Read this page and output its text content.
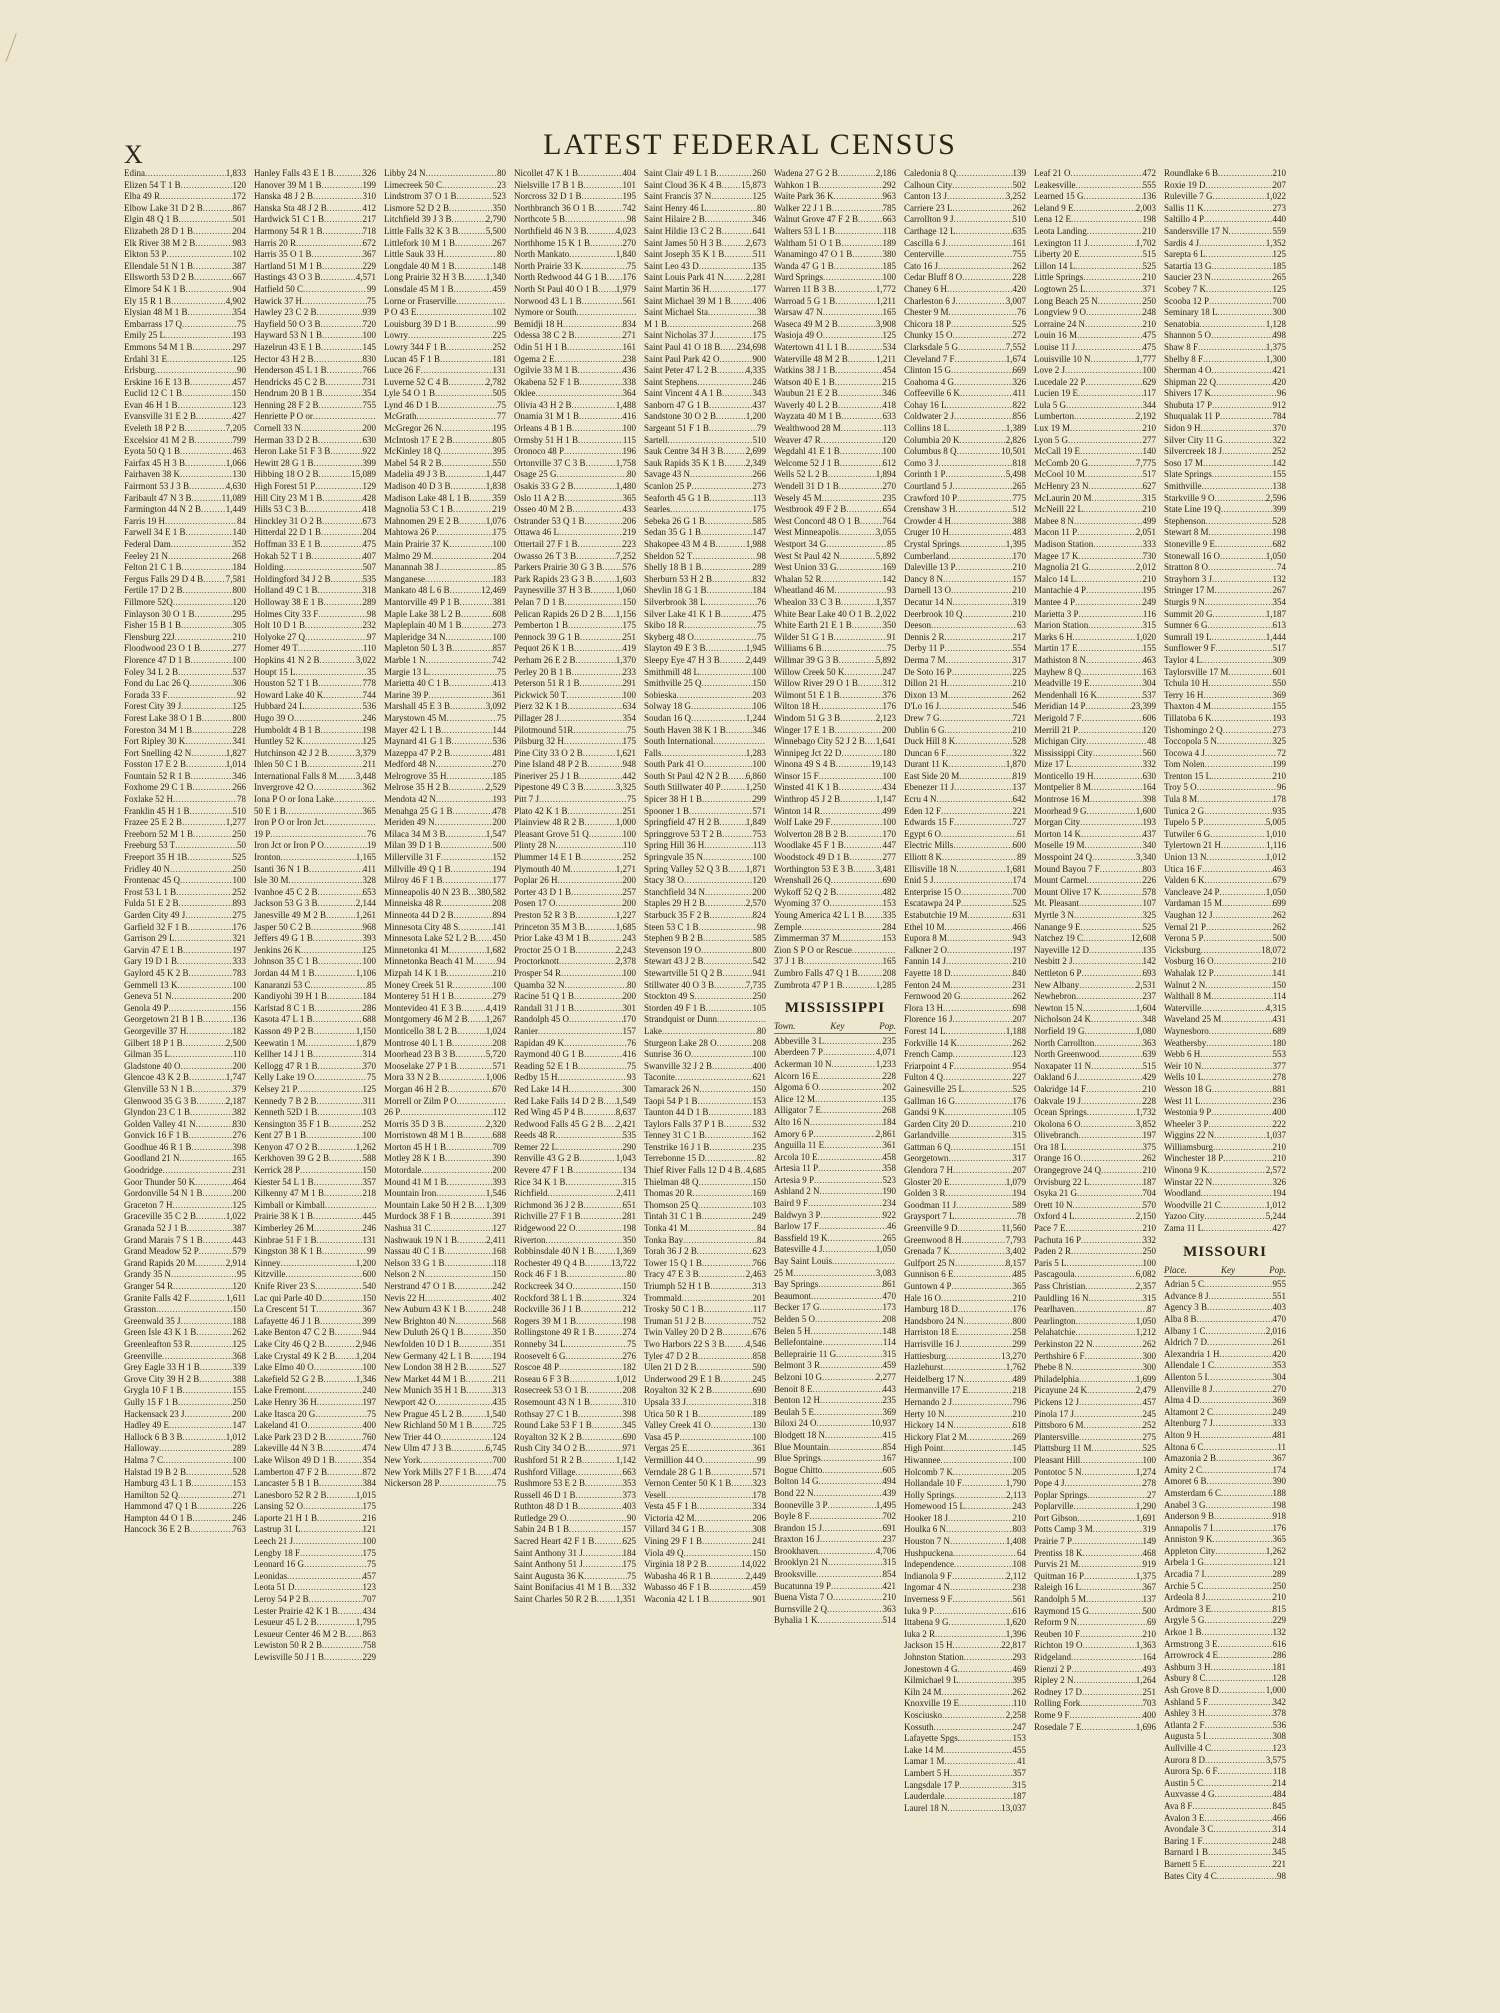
X	LATEST FEDERAL CENSUS
Edina
.....	1,833
Elizen 54 T 1 B
.....	120
Elba 49 R
.....	172
Elbow Lake 31 D 2 B
.....	867
Elgin 48 Q 1 B
.....	501
Elizabeth 28 D 1 B
.....	204
Elk River 38 M 2 B
.....	983
Elkton 53 P
.....	102
Ellendale 51 N 1 B
.....	387
Ellsworth 53 D 2 B
.....	667
Elmore 54 K 1 B
.....	904
Ely 15 R 1 B
.....	4,902
Elysian 48 M 1 B
.....	354
Embarrass 17 Q
.....	75
Emily 25 L
.....	193
Emmons 54 M 1 B
.....	297
Erdahl 31 E
.....	125
Erlsburg
.....	90
Erskine 16 E 13 B
.....	457
Euclid 12 C 1 B
.....	150
Evan 46 H 1 B
.....	123
Evansville 31 E 2 B
.....	427
Eveleth 18 P 2 B
.....	7,205
Excelsior 41 M 2 B
.....	799
Eyota 50 Q 1 B
.....	463
Fairfax 45 H 3 B
.....	1,066
Fairhaven 38 K
.....	130
Fairmont 53 J 3 B
.....	4,630
Faribault 47 N 3 B
.....	11,089
Farmington 44 N 2 B
.....	1,449
Farris 19 H
.....	84
Farwell 34 E 1 B
.....	140
Federal Dam
.....	352
Feeley 21 N
.....	268
Felton 21 C 1 B
.....	184
Fergus Falls 29 D 4 B
.....	7,581
Fertile 17 D 2 B
.....	800
Fillmore 52Q
.....	120
Finlayson 30 O 1 B
.....	295
Fisher 15 B 1 B
.....	305
Flensburg 22J
.....	210
Floodwood 23 O 1 B
.....	277
Florence 47 D 1 B
.....	100
Foley 34 L 2 B
.....	537
Fond du Lac 26 Q
.....	306
Forada 33 F
.....	92
Forest City 39 J
.....	125
Forest Lake 38 O 1 B
.....	800
Foreston 34 M 1 B
.....	228
Fort Ripley 30 K
.....	341
Fort Snelling 42 N
.....	1,827
Fosston 17 E 2 B
.....	1,014
Fountain 52 R 1 B
.....	346
Foxhome 29 C 1 B
.....	266
Foxlake 52 H
.....	78
Franklin 45 H 1 B
.....	510
Frazee 25 E 2 B
.....	1,277
Freeborn 52 M 1 B
.....	250
Freeburg 53 T
.....	50
Freeport 35 H 1B
.....	525
Fridley 40 N
.....	250
Frontenac 45 Q
.....	100
Frost 53 L 1 B
.....	252
Fulda 51 E 2 B
.....	893
Garden City 49 J
.....	275
Garfield 32 F 1 B
.....	176
Garrison 29 L
.....	321
Garvin 47 E 1 B
.....	197
Gary 19 D 1 B
.....	333
Gaylord 45 K 2 B
.....	783
Gemmell 13 K
.....	100
Geneva 51 N
.....	200
Genola 49 P
.....	156
Georgetown 21 B 1 B
.....	136
Georgeville 37 H
.....	182
Gilbert 18 P 1 B
.....	2,500
Gilman 35 L
.....	110
Gladstone 40 O
.....	200
Glencoe 43 K 2 B
.....	1,747
Glenville 53 N 1 B
.....	379
Glenwood 35 G 3 B
.....	2,187
Glyndon 23 C 1 B
.....	382
Golden Valley 41 N
.....	830
Gonvick 16 F 1 B
.....	276
Goodhue 46 R 1 B
.....	398
Goodland 21 N
.....	165
Goodridge
.....	231
Goor Thunder 50 K
.....	464
Gordonville 54 N 1 B
.....	200
Graceton 7 H
.....	125
Graceville 35 C 2 B
.....	1,022
Granada 52 J 1 B
.....	387
Grand Marais 7 S 1 B
.....	443
Grand Meadow 52 P
.....	579
Grand Rapids 20 M
.....	2,914
Grandy 35 N
.....	95
Granger 54 R
.....	120
Granite Falls 42 F
.....	1,611
Grasston
.....	150
Greenwald 35 J
.....	188
Green Isle 43 K 1 B
.....	262
Greenleafton 53 R
.....	125
Greenville
.....	368
Grey Eagle 33 H 1 B
.....	339
Grove City 39 H 2 B
.....	388
Grygla 10 F 1 B
.....	155
Gully 15 F 1 B
.....	250
Hackensack 23 J
.....	200
Hadley 49 E
.....	147
Hallock 6 B 3 B
.....	1,012
Halloway
.....	289
Halma 7 C
.....	100
Halstad 19 B 2 B
.....	528
Hamburg 43 L 1 B
.....	153
Hamilton 52 Q
.....	271
Hammond 47 Q 1 B
.....	226
Hampton 44 O 1 B
.....	246
Hancock 36 E 2 B
.....	763
Hanley Falls 43 E 1 B
.....	326
Hanover 39 M 1 B
.....	199
Hanska 48 J 2 B
.....	310
Hanska Sta 48 J 2 B
.....	412
Hardwick 51 C 1 B
.....	217
Harmony 54 R 1 B
.....	718
Harris 20 R
.....	672
Harris 35 O 1 B
.....	367
Hartland 51 M 1 B
.....	229
Hastings 43 O 3 B
.....	4,571
Hatfield 50 C
.....	99
Hawick 37 H
.....	75
Hawley 23 C 2 B
.....	939
Hayfield 50 O 3 B
.....	720
Hayward 53 N 1 B
.....	100
Hazelrun 43 E 1 B
.....	145
Hector 43 H 2 B
.....	830
Henderson 45 L 1 B
.....	766
Hendricks 45 C 2 B
.....	731
Hendrum 20 B 1 B
.....	354
Henning 28 F 2 B
.....	755
Henriette P O or
.....
Cornell 33 N
.....	200
Herman 33 D 2 B
.....	630
Heron Lake 51 F 3 B
.....	922
Hewitt 28 G 1 B
.....	399
Hibbing 18 O 2 B
.....	15,089
High Forest 51 P
.....	129
Hill City 23 M 1 B
.....	428
Hills 53 C 3 B
.....	418
Hinckley 31 O 2 B
.....	673
Hitterdal 22 D 1 B
.....	204
Hoffman 33 E 1 B
.....	475
Hokah 52 T 1 B
.....	407
Holding
.....	507
Holdingford 34 J 2 B
.....	535
Holland 49 C 1 B
.....	318
Holloway 38 E 1 B
.....	289
Holmes City 33 F
.....	98
Holt 10 D 1 B
.....	232
Holyoke 27 Q
.....	97
Homer 49 T
.....	110
Hopkins 41 N 2 B
.....	3,022
Houpt 15 L
.....	35
Houston 52 T 1 B
.....	778
Howard Lake 40 K
.....	744
Hubbard 24 L
.....	536
Hugo 39 O
.....	246
Humboldt 4 B 1 B
.....	198
Huntley 52 K
.....	125
Hutchinson 42 J 2 B
.....	3,379
Ihlen 50 C 1 B
.....	211
International Falls 8 M
..... 3,448
Invergrove 42 O
.....	362
Iona P O or Iona Lake
.....
50 E 1 B
.....	365
Iron P O or Iron Jct
.....
19 P
.....	76
Iron Jct or Iron P O
.....	19
Ironton
.....	1,165
Isanti 36 N 1 B
.....	411
Isle 30 M
.....	328
Ivanhoe 45 C 2 B
.....	653
Jackson 53 G 3 B
.....	2,144
Janesville 49 M 2 B
.....	1,261
Jasper 50 C 2 B
.....	968
Jeffers 49 G 1 B
.....	393
Jenkins 26 K
.....	125
Johnson 35 C 1 B
.....	100
Jordan 44 M 1 B
.....	1,106
Kanaranzi 53 C
.....	85
Kandiyohi 39 H 1 B
.....	184
Karlstad 8 C 1 B
.....	286
Kasota 47 L 1 B
.....	688
Kasson 49 P 2 B
.....	1,150
Keewatin 1 M
.....	1,879
Kellher 14 J 1 B
.....	314
Kellogg 47 R 1 B
.....	370
Kelly Lake 19 O
.....	75
Kelsey 21 P
.....	125
Kennedy 7 B 2 B
.....	311
Kenneth 52D 1 B
.....	103
Kensington 35 F 1 B
.....	252
Kent 27 B 1 B
.....	100
Kenyon 47 O 2 B
.....	1,262
Kerkhoven 39 G 2 B
.....	588
Kerrick 28 P
.....	150
Kiester 54 L 1 B
.....	357
Kilkenny 47 M 1 B
.....	218
Kimball or Kimball
.....
Prairie 38 K 1 B
.....	445
Kimberley 26 M
.....	246
Kinbrae 51 F 1 B
.....	131
Kingston 38 K 1 B
.....	99
Kinney
.....	1,200
Kitzville
.....	600
Knife River 23 S
.....	540
Lac qui Parle 40 D
.....	150
La Crescent 51 T
.....	367
Lafayette 46 J 1 B
.....	399
Lake Benton 47 C 2 B
.....	944
Lake City 46 Q 2 B
.....	2,946
Lake Crystal 49 K 2 B
..... 1,204
Lake Elmo 40 O
.....	100
Lakefield 52 G 2 B
.....	1,346
Lake Fremont
.....	240
Lake Henry 36 H
.....	197
Lake Itasca 20 G
.....	75
Lakeland 41 O
.....	400
Lake Park 23 D 2 B
.....	760
Lakeville 44 N 3 B
.....	474
Lake Wilson 49 D 1 B
.....	354
Lamberton 47 F 2 B
.....	872
Lancaster 5 B 1 B
.....	384
Lanesboro 52 R 2 B
.....	1,015
Lansing 52 O
.....	175
Laporte 21 H 1 B
.....	216
Lastrup 31 L
.....	121
Leech 21 J
.....	100
Lengby 18 F
.....	175
Leonard 16 G
.....	75
Leonidas
.....	457
Leota 51 D
.....	123
Leroy 54 P 2 B
.....	707
Lester Prairie 42 K 1 B
.....	434
Lesueur 45 L 2 B
.....	1,795
Lesueur Center 46 M 2 B
..... 863
Lewiston 50 R 2 B
.....	758
Lewisville 50 J 1 B
.....	229
Libby 24 N
.....	80
Limecreek 50 C
.....	23
Lindstrom 37 O 1 B
.....	523
Lismore 52 D 2 B
.....	350
Litchfield 39 J 3 B
.....	2,790
Little Falls 32 K 3 B
.....	5,500
Littlefork 10 M 1 B
.....	267
Little Sauk 33 H
.....	80
Longdale 40 M 1 B
.....	148
Long Prairie 32 H 3 B
..... 1,340
Lonsdale 45 M 1 B
.....	459
Lorne or Fraserville
.....
P O 43 E
.....	102
Louisburg 39 D 1 B
.....	99
Lowry
.....	225
Lowry 344 F 1 B
.....	252
Lucan 45 F 1 B
.....	181
Luce 26 F
.....	131
Luverne 52 C 4 B
.....	2,782
Lyle 54 O 1 B
.....	505
Lynd 46 D 1 B
.....	75
McGrath
.....	77
McGregor 26 N
.....	195
McIntosh 17 E 2 B
.....	805
McKinley 18 Q
.....	395
Mabel 54 R 2 B
.....	550
Madelia 49 J 3 B
.....	1,447
Madison 40 D 3 B
.....	1,838
Madison Lake 48 L 1 B
.....	359
Magnolia 53 C 1 B
.....	219
Mahnomen 29 E 2 B
.....	1,076
Mahtowa 26 P
.....	175
Main Prairie 37 K
.....	100
Malmo 29 M
.....	204
Manannah 38 J
.....	85
Manganese
.....	183
Mankato 48 L 6 B
.....	12,469
Mantorville 49 P 1 B
.....	381
Maple Lake 38 L 2 B
.....	608
Mapleplain 40 M 1 B
.....	273
Mapleridge 34 N
.....	100
Mapleton 50 L 3 B
.....	857
Marble 1 N
.....	742
Margie 13 L
.....	75
Marietta 40 C 1 B
.....	413
Marine 39 P
.....	361
Marshall 45 E 3 B
.....	3,092
Marystown 45 M
.....	75
Mayer 42 L 1 B
.....	144
Maynard 41 G 1 B
.....	536
Mazeppa 47 P 2 B
.....	481
Medford 48 N
.....	270
Melrogrove 35 H
.....	185
Melrose 35 H 2 B
.....	2,529
Mendota 42 N
.....	193
Menahga 25 G 1 B
.....	478
Meriden 49 N
.....	200
Milaca 34 M 3 B
.....	1,547
Milan 39 D 1 B
.....	500
Millerville 31 F
.....	152
Millville 49 Q 1 B
.....	194
Milroy 46 F 1 B
.....	177
Minneapolis 40 N 23 B
..... 380,582
Minneiska 48 R
.....	208
Minneota 44 D 2 B
.....	894
Minnesota City 48 S
.....	141
Minnesota Lake 52 L 2 B
..... 450
Minnetonka 41 M
.....	1,682
Minnetonka Beach 41 M
.....	94
Mizpah 14 K 1 B
.....	210
Money Creek 51 R
.....	100
Monterey 51 H 1 B
.....	279
Montevideo 41 E 3 B
.....	4,419
Montgomery 46 M 2 B
..... 1,267
Monticello 38 L 2 B
.....	1,024
Montrose 40 L 1 B
.....	208
Moorhead 23 B 3 B
.....	5,720
Mooselake 27 P 1 B
.....	571
Mora 33 N 2 B
.....	1,006
Morgan 46 H 2 B
.....	670
Morrell or Zilm P O
.....
26 P
.....	112
Morris 35 D 3 B
.....	2,320
Morristown 48 M 1 B
.....	688
Morton 45 H 1 B
.....	709
Motley 28 K 1 B
.....	390
Motordale
.....	200
Mound 41 M 1 B
.....	393
Mountain Iron
.....	1,546
Mountain Lake 50 H 2 B
..... 1,309
Murdock 38 F 1 B
.....	391
Nashua 31 C
.....	127
Nashwauk 19 N 1 B
.....	2,411
Nassau 40 C 1 B
.....	168
Nelson 33 G 1 B
.....	118
Nelson 2 N
.....	150
Nerstrand 47 O 1 B
.....	242
Nevis 22 H
.....	402
New Auburn 43 K 1 B
.....	248
New Brighton 40 N
.....	568
New Duluth 26 Q 1 B
.....	350
Newfolden 10 D 1 B
.....	351
New Germany 42 L 1 B
..... 194
New London 38 H 2 B
.....	527
New Market 44 M 1 B
.....	211
New Munich 35 H 1 B
.....	313
Newport 42 O
.....	435
New Prague 45 L 2 B
.....	1,540
New Richland 50 M 1 B
..... 725
New Trier 44 O
.....	124
New Ulm 47 J 3 B
.....	6,745
New York
.....	700
New York Mills 27 F 1 B
..... 474
Nickerson 28 P
.....	75
Nicollet 47 K 1 B
.....	404
Nielsville 17 B 1 B
.....	101
Norcross 32 D 1 B
.....	195
Northbranch 36 O 1 B
.....	742
Northcote 5 B
.....	98
Northfield 46 N 3 B
.....	4,023
Northhome 15 K 1 B
.....	270
North Mankato
.....	1,840
North Prairie 33 K
.....	75
North Redwood 44 G 1 B
..... 176
North St Paul 40 O 1 B
..... 1,979
Norwood 43 L 1 B
.....	561
Nymore or South
.....
Bemidji 18 H
.....	834
Odessa 38 C 2 B
.....	271
Odin 51 H 1 B
.....	161
Ogema 2 E
.....	238
Ogilvie 33 M 1 B
.....	436
Okabena 52 F 1 B
.....	338
Oklee
.....	364
Olivia 43 H 2 B
.....	1,488
Onamia 31 M 1 B
.....	416
Orleans 4 B 1 B
.....	100
Ormsby 51 H 1 B
.....	115
Oronoco 48 P
.....	196
Ortonville 37 C 3 B
.....	1,758
Osage 25 G
.....	80
Osakis 33 G 2 B
.....	1,480
Oslo 11 A 2 B
.....	365
Osseo 40 M 2 B
.....	433
Ostrander 53 Q 1 B
.....	206
Ottawa 46 L
.....	219
Ottertail 27 F 1 B
.....	223
Owasso 26 T 3 B
.....	7,252
Parkers Prairie 30 G 3 B
..... 576
Park Rapids 23 G 3 B
.....	1,603
Paynesville 37 H 3 B
.....	1,060
Pelan 7 D 1 B
.....	150
Pelican Rapids 26 D 2 B
..... 1,156
Pemberton 1 B
.....	175
Pennock 39 G 1 B
.....	251
Pequot 26 K 1 B
.....	419
Perham 26 E 2 B
.....	1,370
Perley 20 B 1 B
.....	233
Peterson 51 R 1 B
.....	291
Pickwick 50 T
.....	100
Pierz 32 K 1 B
.....	634
Pillager 28 J
.....	354
Pilotmound 51R
.....	75
Pilsburg 32 H
.....	175
Pine City 33 O 2 B
.....	1,621
Pine Island 48 P 2 B
.....	948
Pineriver 25 J 1 B
.....	442
Pipestone 49 C 3 B
.....	3,325
Pitt 7 J
.....	75
Plato 42 K 1 B
.....	251
Plainview 48 R 2 B
.....	1,000
Pleasant Grove 51 Q
.....	100
Plinty 28 N
.....	110
Plummer 14 E 1 B
.....	252
Plymouth 40 M
.....	1,271
Poplar 26 H
.....	200
Porter 43 D 1 B
.....	257
Posen 17 O
.....	200
Preston 52 R 3 B
.....	1,227
Princeton 35 M 3 B
.....	1,685
Prior Lake 43 M 1 B
.....	243
Proctor 25 O 1 B
.....	2,243
Proctorknott
.....	2,378
Prosper 54 R
.....	100
Quamba 32 N
.....	80
Racine 51 Q 1 B
.....	200
Randall 31 J 1 B
.....	301
Randolph 45 O
.....	170
Ranier
.....	157
Rapidan 49 K
.....	76
Raymond 40 G 1 B
.....	416
Reading 52 E 1 B
.....	75
Redby 15 H
.....	93
Red Lake 14 H
.....	300
Red Lake Falls 14 D 2 B
..... 1,549
Red Wing 45 P 4 B
.....	8,637
Redwood Falls 45 G 2 B
..... 2,421
Reeds 48 R
.....	535
Remer 22 L
.....	290
Renville 43 G 2 B
.....	1,043
Revere 47 F 1 B
.....	134
Rice 34 K 1 B
.....	315
Richfield
.....	2,411
Richmond 36 J 2 B
.....	651
Richville 27 F 1 B
.....	281
Ridgewood 22 O
.....	198
Riverton
.....	350
Robbinsdale 40 N 1 B
..... 1,369
Rochester 49 Q 4 B
.....	13,722
Rock 46 F 1 B
.....	80
Rockcreek 34 O
.....	150
Rockford 38 L 1 B
.....	324
Rockville 36 J 1 B
.....	212
Rogers 39 M 1 B
.....	198
Rollingstone 49 R 1 B
.....	274
Ronneby 34 L
.....	75
Roosevelt 6 G
.....	276
Roscoe 48 P
.....	182
Roseau 6 F 3 B
.....	1,012
Rosecreek 53 O 1 B
.....	208
Rosemount 43 N 1 B
.....	310
Rothsay 27 C 1 B
.....	398
Round Lake 53 F 1 B
.....	345
Royalton 32 K 2 B
.....	690
Rush City 34 O 2 B
.....	971
Rushford 51 R 2 B
.....	1,142
Rushford Village
.....	663
Rushmore 53 E 2 B
.....	353
Russell 46 D 1 B
.....	373
Ruthton 48 D 1 B
.....	403
Rutledge 29 O
.....	90
Sabin 24 B 1 B
.....	157
Sacred Heart 42 F 1 B
.....	625
Saint Anthony 31 J
.....	184
Saint Anthony 51 J
.....	175
Saint Augusta 36 K
.....	75
Saint Bonifacius 41 M 1 B
..... 332
Saint Charles 50 R 2 B
..... 1,351
Saint Clair 49 L 1 B
.....	260
Saint Cloud 36 K 4 B
..... 15,873
Saint Francis 37 N
.....	125
Saint Henry 46 L
.....	80
Saint Hilaire 2 B
.....	346
Saint Hildie 13 C 2 B
.....	641
Saint James 50 H 3 B
.....	2,673
Saint Joseph 35 K 1 B
.....	511
Saint Leo 43 D
.....	135
Saint Louis Park 41 N
..... 2,281
Saint Martin 36 H
.....	177
Saint Michael 39 M 1 B
..... 406
Saint Michael Sta
.....	38
M 1 B
.....	268
Saint Nicholas 37 J
.....	175
Saint Paul 41 O 18 B
..... 234,698
Saint Paul Park 42 O
.....	900
Saint Peter 47 L 2 B
.....	4,335
Saint Stephens
.....	246
Saint Vincent 4 A 1 B
.....	343
Sanborn 47 G 1 B
.....	437
Sandstone 30 O 2 B
.....	1,200
Sargeant 51 F 1 B
.....	79
Sartell
.....	510
Sauk Centre 34 H 3 B
.....	2,699
Sauk Rapids 35 K 1 B
..... 2,349
Savage 43 N
.....	266
Scanlon 25 P
.....	273
Seaforth 45 G 1 B
.....	113
Searles
.....	175
Sebeka 26 G 1 B
.....	585
Sedan 35 G 1 B
.....	147
Shakopee 43 M 4 B
.....	1,988
Sheldon 52 T
.....	98
Shelly 18 B 1 B
.....	289
Sherburn 53 H 2 B
.....	832
Shevlin 18 G 1 B
.....	184
Silverbrook 38 L
.....	76
Silver Lake 41 K 1 B
.....	475
Skibo 18 R
.....	75
Skyberg 48 O
.....	75
Slayton 49 E 3 B
.....	1,945
Sleepy Eye 47 H 3 B
.....	2,449
Smithmill 48 L
.....	100
Smithville 25 Q
.....	150
Sobieska
.....	203
Solway 18 G
.....	106
Soudan 16 Q
.....	1,244
South Haven 38 K 1 B
.....	346
South International
.....
Falls
.....	1,283
South Park 41 O
.....	100
South St Paul 42 N 2 B
..... 6,860
South Stillwater 40 P
.....	1,250
Spicer 38 H 1 B
.....	299
Spooner 1 B
.....	571
Springfield 47 H 2 B
.....	1,849
Springgrove 53 T 2 B
.....	753
Spring Hill 36 H
.....	113
Springvale 35 N
.....	100
Spring Valley 52 Q 3 B
..... 1,871
Stacy 38 O
.....	120
Stanchfield 34 N
.....	200
Staples 29 H 2 B
.....	2,570
Starbuck 35 F 2 B
.....	824
Steen 53 C 1 B
.....	98
Stephen 9 B 2 B
.....	585
Stevenson 19 O
.....	800
Stewart 43 J 2 B
.....	542
Stewartville 51 Q 2 B
.....	941
Stillwater 40 O 3 B
.....	7,735
Stockton 49 S
.....	250
Storden 49 F 1 B
.....	105
Strandquist or Dunn
.....
Lake
.....	80
Sturgeon Lake 28 O
.....	208
Sunrise 36 O
.....	100
Swanville 32 J 2 B
.....	400
Taconite
.....	621
Tamarack 26 N
.....	150
Taopi 54 P 1 B
.....	153
Taunton 44 D 1 B
.....	183
Taylors Falls 37 P 1 B
.....	532
Tenney 31 C 1 B
.....	162
Tenstrike 16 J 1 B
.....	235
Terrebonne 15 D
.....	82
Thief River Falls 12 D 4 B
..... 4,685
Thielman 48 Q
.....	150
Thomas 20 R
.....	169
Thomson 25 Q
.....	103
Tintah 31 C 1 B
.....	249
Tonka 41 M
.....	84
Tonka Bay
.....	84
Torah 36 J 2 B
.....	623
Tower 15 Q 1 B
.....	766
Tracy 47 E 3 B
.....	2,463
Triumph 52 H 1 B
.....	313
Trommald
.....	201
Trosky 50 C 1 B
.....	117
Truman 51 J 2 B
.....	752
Twin Valley 20 D 2 B
.....	676
Two Harbors 22 S 3 B
..... 4,546
Tyler 47 D 2 B
.....	858
Ulen 21 D 2 B
.....	590
Underwood 29 E 1 B
.....	245
Royalton 32 K 2 B
.....	690
Upsala 33 J
.....	318
Utica 50 R 1 B
.....	189
Valley Creek 41 O
.....	130
Vasa 45 P
.....	100
Vergas 25 E
.....	361
Vermillion 44 O
.....	99
Verndale 28 G 1 B
.....	571
Vernon Center 50 K 1 B
..... 323
Vesell
.....	178
Vesta 45 F 1 B
.....	334
Victoria 42 M
.....	206
Villard 34 G 1 B
.....	308
Vining 29 F 1 B
.....	241
Viola 49 Q
.....	150
Virginia 18 P 2 B
.....	14,022
Wabasha 46 R 1 B
.....	2,449
Wabasso 46 F 1 B
.....	459
Waconia 42 L 1 B
.....	901
Wadena 27 G 2 B
.....	2,186
Wahkon 1 B
.....	292
Waite Park 36 K
.....	963
Walker 22 J 1 B
.....	785
Walnut Grove 47 F 2 B
.....	663
Walters 53 L 1 B
.....	118
Waltham 51 O 1 B
.....	189
Wanamingo 47 O 1 B
.....	380
Wanda 47 G 1 B
.....	185
Ward Springs
.....	100
Warren 11 B 3 B
.....	1,772
Warroad 5 G 1 B
.....	1,211
Warsaw 47 N
.....	165
Waseca 49 M 2 B
.....	3,908
Wasioja 49 O
.....	125
Watertown 41 L 1 B
.....	534
Waterville 48 M 2 B
.....	1,211
Watkins 38 J 1 B
.....	454
Watson 40 E 1 B
.....	215
Waubun 21 E 2 B
.....	346
Waverly 40 L 2 B
.....	418
Wayzata 40 M 1 B
.....	633
Wealthwood 28 M
.....	113
Weaver 47 R
.....	120
Wegdahl 41 E 1 B
.....	100
Welcome 52 J 1 B
.....	612
Wells 52 L 2 B
.....	1,894
Wendell 31 D 1 B
.....	270
Wesely 45 M
.....	235
Westbrook 49 F 2 B
.....	654
West Concord 48 O 1 B
..... 764
West Minneapolis
.....	3,055
Westport 34 G
.....	85
West St Paul 42 N
.....	5,892
West Union 33 G
.....	169
Whalan 52 R
.....	142
Wheatland 46 M
.....	93
Whealon 33 C 3 B
.....	1,357
White Bear Lake 40 O 1 B
..... 2,022
White Earth 21 E 1 B
.....	350
Wilder 51 G 1 B
.....	91
Williams 6 B
.....	75
Willmar 39 G 3 B
.....	5,892
Willow Creek 50 K
.....	247
Willow River 29 O 1 B
.....	312
Wilmont 51 E 1 B
.....	376
Wilton 18 H
.....	176
Windom 51 G 3 B
.....	2,123
Winger 17 E 1 B
.....	200
Winnebago City 52 J 2 B
..... 1,641
Winnipeg Jct 22 D
.....	180
Winona 49 S 4 B
.....	19,143
Winsor 15 F
.....	100
Winsted 41 K 1 B
.....	434
Winthrop 45 J 2 B
.....	1,147
Winton 14 R
.....	499
Wolf Lake 29 F
.....	100
Wolverton 28 B 2 B
.....	170
Woodlake 45 F 1 B
.....	447
Woodstock 49 D 1 B
.....	277
Worthington 53 E 3 B
..... 3,481
Wrenshall 26 Q
.....	690
Wykoff 52 Q 2 B
.....	482
Wyoming 37 O
.....	153
Young America 42 L 1 B
..... 335
Zemple
.....	284
Zimmerman 37 M
.....	153
Zion S P O or Rescue
.....
37 J 1 B
.....	165
Zumbro Falls 47 Q 1 B
.....	208
Zumbrota 47 P 1 B
.....	1,285
MISSISSIPPI
Town.	Key	Pop.
Abbeville 3 L
.....	235
Aberdeen 7 P
.....	4,071
Ackerman 10 N
.....	1,233
Alcorn 16 E
.....	228
Algoma 6 O
.....	202
Alice 12 M
.....	135
Alligator 7 E
.....	268
Alto 16 N
.....	184
Amory 6 P
.....	2,861
Anguilla 11 E
.....	361
Arcola 10 E
.....	458
Artesia 11 P
.....	358
Artesia 9 P
.....	523
Ashland 2 N
.....	190
Baird 9 F
.....	234
Baldwyn 3 P
.....	922
Barlow 17 F
.....	46
Bassfield 19 K
.....	265
Batesville 4 J
.....	1,050
Bay Saint Louis
.....
25 M
.....	3,083
Bay Springs
.....	861
Beaumont
.....	470
Becker 17 G
.....	173
Belden 5 O
.....	208
Belen 5 H
.....	148
Bellefontaine
.....	114
Belleprairie 11 G
.....	315
Belmont 3 R
.....	459
Belzoni 10 G
.....	2,277
Benoit 8 E
.....	443
Benton 12 H
.....	235
Beulah 5 E
.....	369
Biloxi 24 O
.....	10,937
Blodgett 18 N
.....	415
Blue Mountain
.....	854
Blue Springs
.....	167
Bogue Chitto
.....	605
Bolton 14 G
.....	494
Bond 22 N
.....	439
Booneville 3 P
.....	1,495
Boyle 8 F
.....	702
Brandon 15 J
.....	691
Braxton 16 J
.....	237
Brookhaven
.....	4,706
Brooklyn 21 N
.....	315
Brooksville
.....	854
Bucatunna 19 P
.....	421
Buena Vista 7 O
.....	210
Burnsville 2 Q
.....	363
Byhalia 1 K
.....	514
Caledonia 8 Q
.....	139
Calhoun City
.....	502
Canton 13 J
.....	3,252
Carriere 23 L
.....	262
Carrollton 9 J
.....	510
Carthage 12 L
.....	635
Cascilla 6 J
.....	161
Centerville
.....	755
Cato 16 J
.....	262
Cedar Bluff 8 O
.....	228
Chaney 6 H
.....	420
Charleston 6 J
.....	3,007
Chester 9 M
.....	76
Chicora 18 P
.....	525
Chunky 15 O
.....	272
Clarksdale 5 G
.....	7,552
Cleveland 7 F
.....	1,674
Clinton 15 G
.....	669
Coahoma 4 G
.....	326
Coffeeville 6 K
.....	411
Cohay 16 L
.....	822
Coldwater 2 J
.....	856
Collins 18 L
.....	1,389
Columbia 20 K
.....	2,826
Columbus 8 Q
.....	10,501
Como 3 J
.....	818
Corinth 1 P
.....	5,498
Courtland 5 J
.....	265
Crawford 10 P
.....	775
Crenshaw 3 H
.....	512
Crowder 4 H
.....	388
Cruger 10 H
.....	483
Crystal Springs
.....	1,395
Cumberland
.....	170
Daleville 13 P
.....	210
Dancy 8 N
.....	157
Darnell 13 O
.....	210
Decatur 14 N
.....	319
Deerbrook 10 Q
.....	210
Deeson
.....	63
Dennis 2 R
.....	217
Derby 11 P
.....	554
Derma 7 M
.....	317
De Soto 16 P
.....	225
Dillon 21 H
.....	210
Dixon 13 M
.....	262
D'Lo 16 J
.....	546
Drew 7 G
.....	721
Dublin 6 G
.....	210
Duck Hill 8 K
.....	528
Duncan 6 F
.....	322
Durant 11 K
.....	1,870
East Side 20 M
.....	819
Ebenezer 11 J
.....	137
Ecru 4 N
.....	642
Eden 12 F
.....	221
Edwards 15 F
.....	727
Egypt 6 O
.....	61
Electric Mills
.....	600
Elliott 8 K
.....	89
Ellisville 18 N
.....	1,681
Enid 5 J
.....	174
Enterprise 15 O
.....	700
Escatawpa 24 P
.....	525
Estabutchie 19 M
.....	631
Ethel 10 M
.....	466
Eupora 8 M
.....	943
Falkner 2 O
.....	197
Fannin 14 J
.....	210
Fayette 18 D
.....	840
Fenton 24 M
.....	231
Fernwood 20 G
.....	262
Flora 13 H
.....	698
Florence 16 J
.....	207
Forest 14 L
.....	1,188
Forkville 14 K
.....	262
French Camp
.....	123
Friarpoint 4 F
.....	954
Fulton 4 Q
.....	227
Gainesville 25 L
.....	525
Gallman 16 G
.....	176
Gandsi 9 K
.....	105
Garden City 20 D
.....	210
Garlandville
.....	315
Gattman 6 Q
.....	151
Georgetown
.....	317
Glendora 7 H
.....	207
Gloster 20 E
.....	1,079
Golden 3 R
.....	194
Goodman 11 J
.....	589
Graysport 7 L
.....	78
Greenville 9 D
.....	11,560
Greenwood 8 H
.....	7,793
Grenada 7 K
.....	3,402
Gulfport 25 N
.....	8,157
Gunnison 6 E
.....	485
Guntown 4 P
.....	365
Hale 16 O
.....	210
Hamburg 18 D
.....	176
Handsboro 24 N
.....	800
Harriston 18 E
.....	258
Harrisville 16 J
.....	299
Hattiesburg
.....	13,270
Hazlehurst
.....	1,762
Heidelberg 17 N
.....	489
Hermanville 17 E
.....	218
Hernando 2 J
.....	796
Herty 10 N
.....	210
Hickory 14 N
.....	618
Hickory Flat 2 M
.....	269
High Point
.....	145
Hiwannee
.....	100
Holcomb 7 K
.....	205
Hollandale 10 F
.....	1,790
Holly Springs
.....	2,113
Homewood 15 L
.....	243
Hooker 18 J
.....	210
Houlka 6 N
.....	803
Houston 7 N
.....	1,408
Hushpuckena
.....	64
Independence
.....	108
Indianola 9 F
.....	2,112
Ingomar 4 N
.....	238
Inverness 9 F
.....	561
Iuka 9 P
.....	616
Ittabena 9 G
.....	1,620
Iuka 2 R
.....	1,396
Jackson 15 H
.....	22,817
Johnston Station
.....	293
Jonestown 4 G
.....	469
Kilmichael 9 L
.....	395
Kiln 24 M
.....	262
Knoxville 19 E
.....	110
Kosciusko
.....	2,258
Kossuth
.....	247
Lafayette Spgs.
.....	153
Lake 14 M
.....	455
Lamar 1 M
.....	41
Lambert 5 H
.....	357
Langsdale 17 P
.....	315
Lauderdale
.....	187
Laurel 18 N
.....	13,037
Leaf 21 O
.....	472
Leakesville
.....	555
Learned 15 G
.....	136
Leland 9 E
.....	2,003
Lena 12 E
.....	198
Leota Landing
.....	210
Lexington 11 J
.....	1,702
Liberty 20 E
.....	515
Lillon 14 L
.....	525
Little Springs
.....	210
Logtown 25 L
.....	371
Long Beach 25 N
.....	250
Longview 9 O
.....	248
Lorraine 24 N
.....	210
Louin 16 M
.....	475
Louise 11 J
.....	475
Louisville 10 N
.....	1,777
Love 2 J
.....	100
Lucedale 22 P
.....	629
Lucien 19 E
.....	117
Lula 5 G
.....	344
Lumberton
.....	2,192
Lux 19 M
.....	210
Lyon 5 G
.....	277
McCall 19 E
.....	140
McComb 20 G
.....	7,775
McCool 10 M
.....	517
McHenry 23 N
.....	627
McLaurin 20 M
.....	315
McNeill 22 L
.....	210
Mabee 8 N
.....	499
Macon 11 P
.....	2,051
Madison Station
.....	333
Magee 17 K
.....	730
Magnolia 21 G
.....	2,012
Malco 14 L
.....	210
Mantachie 4 P
.....	195
Mantee 4 P
.....	249
Marietta 3 P
.....	116
Marion Station
.....	315
Marks 6 H
.....	1,020
Martin 17 E
.....	155
Mathiston 8 N
.....	463
Mayhew 8 Q
.....	163
Meadville 19 E
.....	304
Mendenhall 16 K
.....	537
Meridian 14 P
.....	23,399
Merigold 7 F
.....	606
Merrill 21 P
.....	120
Michigan City
.....	48
Mississippi City
.....	560
Mize 17 L
.....	332
Monticello 19 H
.....	630
Montpelier 8 M
.....	164
Montrose 16 M
.....	398
Moorhead 9 G
.....	1,600
Morgan City
.....	193
Morton 14 K
.....	437
Moselle 19 M
.....	340
Mosspoint 24 Q
.....	3,340
Mound Bayou 7 F
.....	803
Mount Carmel
.....	226
Mount Olive 17 K
.....	578
Mt. Pleasant
.....	107
Myrtle 3 N
.....	325
Nanange 9 E
.....	525
Natchez 19 C
.....	12,608
Nayeville 12 D
.....	135
Nesbitt 2 J
.....	142
Nettleton 6 P
.....	693
New Albany
.....	2,531
Newhebron
.....	237
Newton 15 N
.....	1,604
Nicholson 24 K
.....	348
Norfield 19 G
.....	1,080
North Carrollton
.....	363
North Greenwood
.....	639
Noxapater 11 N
.....	515
Oakland 6 J
.....	429
Oakridge 14 F
.....	210
Oakvale 19 J
.....	228
Ocean Springs
.....	1,732
Okolona 6 O
.....	3,852
Olivebranch
.....	197
Ora 18 L
.....	375
Orange 16 O
.....	262
Orangegrove 24 Q
.....	210
Orvisburg 22 L
.....	187
Osyka 21 G
.....	704
Orett 10 N
.....	570
Oxford 4 L
.....	2,150
Pace 7 E
.....	210
Pachuta 16 P
.....	332
Paden 2 R
.....	250
Paris 5 L
.....	100
Pascagoula
.....	6,082
Pass Christian
.....	2,357
Pauldling 16 N
.....	315
Pearlhaven
.....	87
Pearlington
.....	1,050
Pelahatchie
.....	1,212
Perkinston 22 N
.....	262
Perthshire 6 F
.....	300
Phebe 8 N
.....	300
Philadelphia
.....	1,699
Picayune 24 K
.....	2,479
Pickens 12 J
.....	457
Pinola 17 J
.....	245
Pittsboro 6 M
.....	252
Plantersville
.....	275
Plattsburg 11 M
.....	525
Pleasant Hill
.....	100
Pontotoc 5 N
.....	1,274
Pope 4 J
.....	278
Poplar Springs
.....	27
Poplarville
.....	1,290
Port Gibson
.....	1,691
Potts Camp 3 M
.....	319
Prairie 7 P
.....	149
Prentiss 18 K
.....	468
Purvis 21 M
.....	919
Quitman 16 P
.....	1,375
Raleigh 16 L
.....	367
Randolph 5 M
.....	137
Raymond 15 G
.....	500
Reform 9 N
.....	69
Reuben 10 F
.....	210
Richton 19 O
.....	1,363
Ridgeland
.....	164
Rienzi 2 P
.....	493
Ripley 2 N
.....	1,264
Rodney 17 D
.....	251
Rolling Fork
.....	703
Rome 9 F
.....	400
Rosedale 7 E
.....	1,696
Roundlake 6 B
.....	210
Roxie 19 D
.....	207
Ruleville 7 G
.....	1,022
Sallis 11 K
.....	273
Saltillo 4 P
.....	440
Sandersville 17 N
.....	559
Sardis 4 J
.....	1,352
Sarepta 6 L
.....	125
Satartia 13 G
.....	185
Saucier 23 N
.....	265
Scobey 7 K
.....	125
Scooba 12 P
.....	700
Seminary 18 L
.....	300
Senatobia
.....	1,128
Shannon 5 O
.....	498
Shaw 8 F
.....	1,375
Shelby 8 F
.....	1,300
Sherman 4 O
.....	421
Shipman 22 Q
.....	420
Shivers 17 K
.....	96
Shubuta 17 P
.....	912
Shuqualak 11 P
.....	784
Sidon 9 H
.....	370
Silver City 11 G
.....	322
Silvercreek 18 J
.....	252
Soso 17 M
.....	142
Slate Springs
.....	155
Smithville
.....	138
Starkville 9 O
.....	2,596
State Line 19 Q
.....	399
Stephenson
.....	528
Stewart 8 M
.....	198
Stoneville 9 E
.....	682
Stonewall 16 O
.....	1,050
Stratton 8 O
.....	74
Strayhorn 3 J
.....	132
Stringer 17 M
.....	267
Sturgis 9 N
.....	354
Summit 20 G
.....	1,187
Sumner 6 G
.....	613
Sumrall 19 L
.....	1,444
Sunflower 9 F
.....	517
Taylor 4 L
.....	309
Taylorsville 17 M
.....	601
Tchula 10 H
.....	550
Terry 16 H
.....	369
Thaxton 4 M
.....	155
Tillatoba 6 K
.....	193
Tishomingo 2 Q
.....	273
Toccopola 5 N
.....	325
Tocowa 4 J
.....	72
Tom Nolen
.....	199
Trenton 15 L
.....	210
Troy 5 O
.....	96
Tula 8 M
.....	178
Tunica 2 G
.....	935
Tupelo 5 P
.....	5,005
Tutwiler 6 G
.....	1,010
Tylertown 21 H
.....	1,116
Union 13 N
.....	1,012
Utica 16 F
.....	463
Valden 6 K
.....	679
Vancleave 24 P
.....	1,050
Vardaman 15 M
.....	699
Vaughan 12 J
.....	262
Vernal 21 P
.....	262
Verona 5 P
.....	500
Vicksburg
.....	18,072
Vosburg 16 O
.....	210
Wahalak 12 P
.....	141
Walnut 2 N
.....	150
Walthall 8 M
.....	114
Waterville
.....	4,315
Waveland 25 M
.....	431
Waynesboro
.....	689
Weathersby
.....	180
Webb 6 H
.....	553
Weir 10 N
.....	377
Wells 10 L
.....	278
Wesson 18 G
.....	881
West 11 L
.....	236
Westonia 9 P
.....	400
Wheeler 3 P
.....	222
Wiggins 22 N
.....	1,037
Williamsburg
.....	210
Winchester 18 P
.....	210
Winona 9 K
.....	2,572
Winstar 22 N
.....	326
Woodland
.....	194
Woodville 21 C
.....	1,012
Yazoo City
.....	5,244
Zama 11 L
.....	427
MISSOURI
Place.	Key	Pop.
Adrian 5 C
.....	955
Advance 8 J
.....	551
Agency 3 B
.....	403
Alba 8 B
.....	470
Albany 1 C
.....	2,016
Aldrich 7 D
.....	261
Alexandria 1 H
.....	420
Allendale 1 C
.....	353
Allenton 5 I
.....	304
Allenville 8 J
.....	270
Alma 4 D
.....	369
Altamont 2 C
.....	249
Altenburg 7 J
.....	333
Alton 9 H
.....	481
Altona 6 C
.....	11
Amazonia 2 B
.....	367
Amity 2 C
.....	174
Amoret 6 B
.....	390
Amsterdam 6 C
.....	188
Anabel 3 G
.....	198
Anderson 9 B
.....	918
Annapolis 7 I
.....	176
Anniston 9 K
.....	365
Appleton City
.....	1,262
Arbela 1 G
.....	121
Arcadia 7 I
.....	289
Archie 5 C
.....	250
Ardeola 8 J
.....	210
Ardmore 3 E
.....	815
Argyle 5 G
.....	229
Arkoe 1 B
.....	132
Armstrong 3 E
.....	616
Arrowrock 4 E
.....	286
Ashburn 3 H
.....	181
Asbury 8 C
.....	128
Ash Grove 8 D
.....	1,000
Ashland 5 F
.....	342
Ashley 3 H
.....	378
Atlanta 2 F
.....	536
Augusta 5 I
.....	308
Aullville 4 C
.....	123
Aurora 8 D
.....	3,575
Aurora Sp. 6 F
.....	118
Austin 5 C
.....	214
Auxvasse 4 G
.....	484
Ava 8 F
.....	845
Avalon 3 E
.....	466
Avondale 3 C
.....	314
Baring 1 F
.....	248
Barnard 1 B
.....	345
Barnett 5 E
.....	221
Bates City 4 C
.....	98
